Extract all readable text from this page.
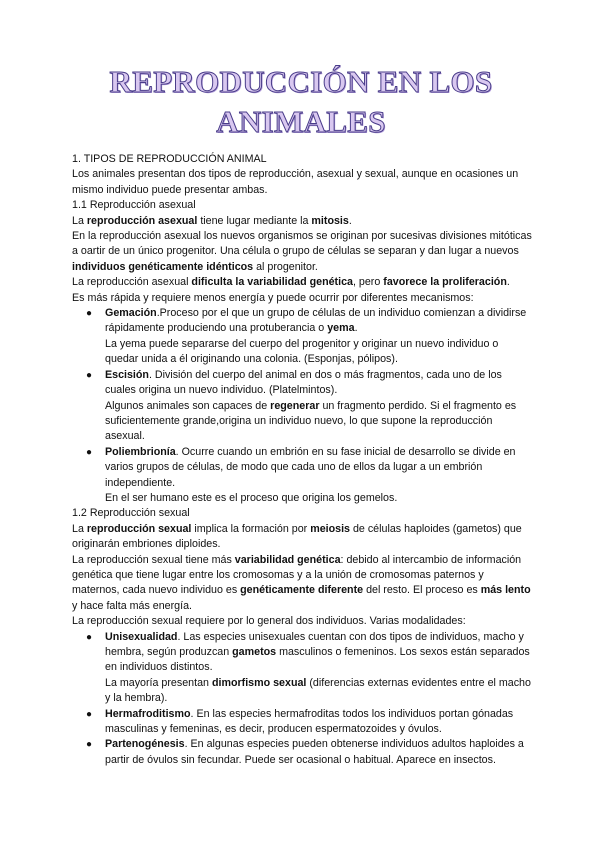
REPRODUCCIÓN EN LOS ANIMALES

1. TIPOS DE REPRODUCCIÓN ANIMAL

Los animales presentan dos tipos de reproducción, asexual y sexual, aunque en ocasiones un mismo individuo puede presentar ambas.

1.1 Reproducción asexual

La reproducción asexual tiene lugar mediante la mitosis.

En la reproducción asexual los nuevos organismos se originan por sucesivas divisiones mitóticas a oartir de un único progenitor. Una célula o grupo de células se separan y dan lugar a nuevos individuos genéticamente idénticos al progenitor.

La reproducción asexual dificulta la variabilidad genética, pero favorece la proliferación.

Es más rápida y requiere menos energía y puede ocurrir por diferentes mecanismos:

● Gemación.Proceso por el que un grupo de células de un individuo comienzan a dividirse rápidamente produciendo una protuberancia o yema.

La yema puede separarse del cuerpo del progenitor y originar un nuevo individuo o quedar unida a él originando una colonia. (Esponjas, pólipos).

● Escisión. División del cuerpo del animal en dos o más fragmentos, cada uno de los cuales origina un nuevo individuo. (Platelmintos).

Algunos animales son capaces de regenerar un fragmento perdido. Si el fragmento es suficientemente grande,origina un individuo nuevo, lo que supone la reproducción asexual.

● Poliembrionía. Ocurre cuando un embrión en su fase inicial de desarrollo se divide en varios grupos de células, de modo que cada uno de ellos da lugar a un embrión independiente.

En el ser humano este es el proceso que origina los gemelos.

1.2 Reproducción sexual

La reproducción sexual implica la formación por meiosis de células haploides (gametos) que originarán embriones diploides.

La reproducción sexual tiene más variabilidad genética: debido al intercambio de información genética que tiene lugar entre los cromosomas y a la unión de cromosomas paternos y maternos, cada nuevo individuo es genéticamente diferente del resto. El proceso es más lento y hace falta más energía.

La reproducción sexual requiere por lo general dos individuos. Varias modalidades:

● Unisexualidad. Las especies unisexuales cuentan con dos tipos de individuos, macho y hembra, según produzcan gametos masculinos o femeninos. Los sexos están separados en individuos distintos.

La mayoría presentan dimorfismo sexual (diferencias externas evidentes entre el macho y la hembra).

● Hermafroditismo. En las especies hermafroditas todos los individuos portan gónadas masculinas y femeninas, es decir, producen espermatozoides y óvulos.
● Partenogénesis. En algunas especies pueden obtenerse individuos adultos haploides a partir de óvulos sin fecundar. Puede ser ocasional o habitual. Aparece en insectos.
